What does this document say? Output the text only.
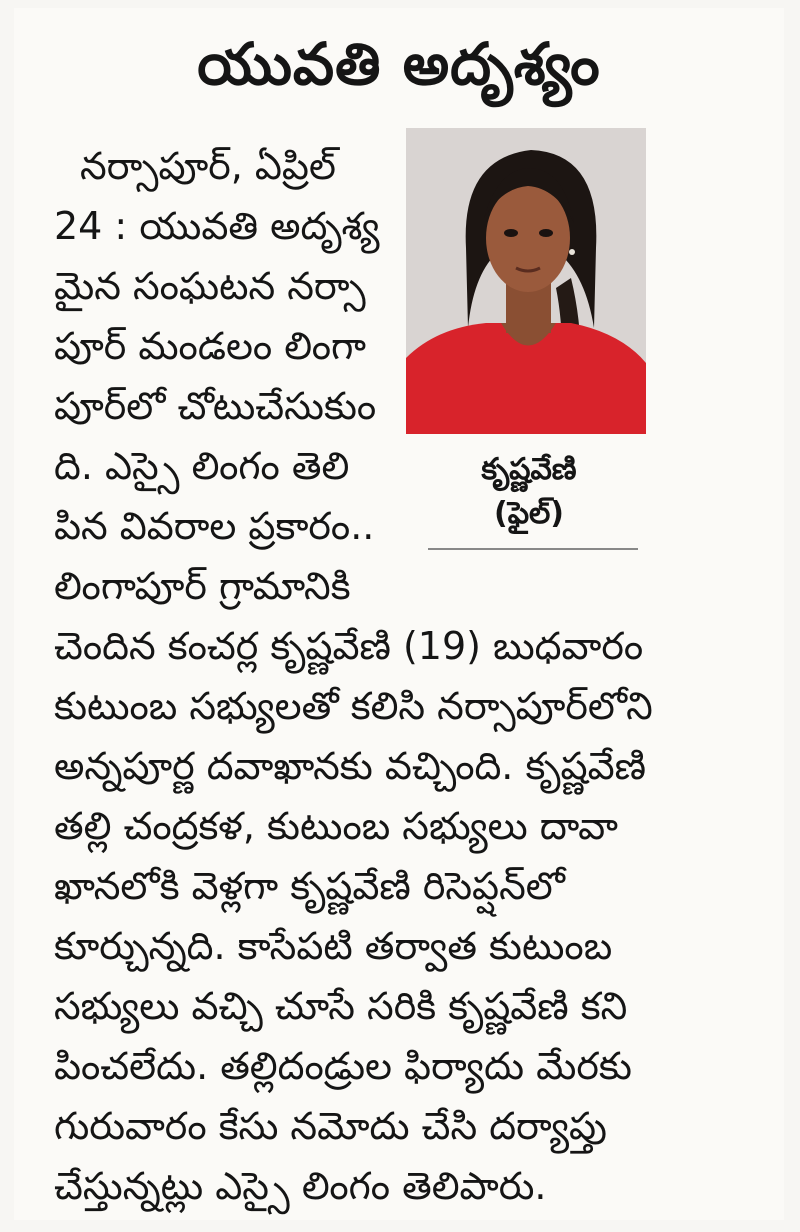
యువతి అదృశ్యం

నర్సాపూర్, ఏప్రిల్

24 : యువతి అదృశ్య

మైన సంఘటన నర్సా

పూర్ మండలం లింగా

పూర్‌లో చోటుచేసుకుం

ది. ఎస్సై లింగం తెలి

పిన వివరాల ప్రకారం..

లింగాపూర్ గ్రామానికి

చెందిన కంచర్ల కృష్ణవేణి (19) బుధవారం

కుటుంబ సభ్యులతో కలిసి నర్సాపూర్‌లోని

అన్నపూర్ణ దవాఖానకు వచ్చింది. కృష్ణవేణి

తల్లి చంద్రకళ, కుటుంబ సభ్యులు దావా

ఖానలోకి వెళ్లగా కృష్ణవేణి రిసెప్షన్‌లో

కూర్చున్నది. కాసేపటి తర్వాత కుటుంబ

సభ్యులు వచ్చి చూసే సరికి కృష్ణవేణి కని

పించలేదు. తల్లిదండ్రుల ఫిర్యాదు మేరకు

గురువారం కేసు నమోదు చేసి దర్యాప్తు

చేస్తున్నట్లు ఎస్సై లింగం తెలిపారు.

కృష్ణవేణి

(ఫైల్)
